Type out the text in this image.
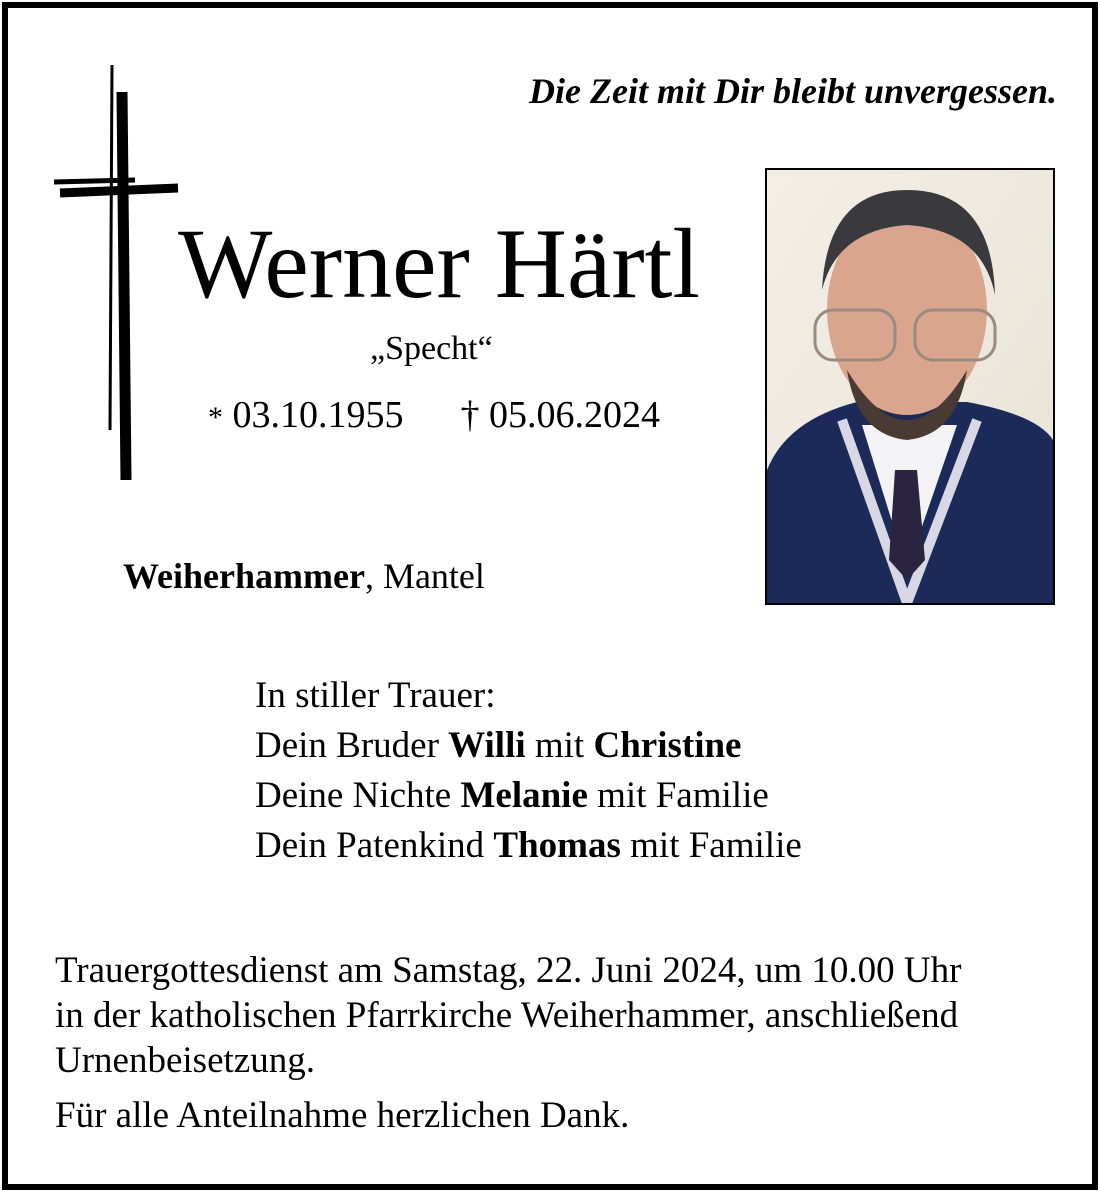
Die Zeit mit Dir bleibt unvergessen.
Werner Härtl
„Specht“
* 03.10.1955 † 05.06.2024
Weiherhammer, Mantel
In stiller Trauer:
Dein Bruder Willi mit Christine
Deine Nichte Melanie mit Familie
Dein Patenkind Thomas mit Familie
Trauergottesdienst am Samstag, 22. Juni 2024, um 10.00 Uhr
in der katholischen Pfarrkirche Weiherhammer, anschließend
Urnenbeisetzung.
Für alle Anteilnahme herzlichen Dank.
